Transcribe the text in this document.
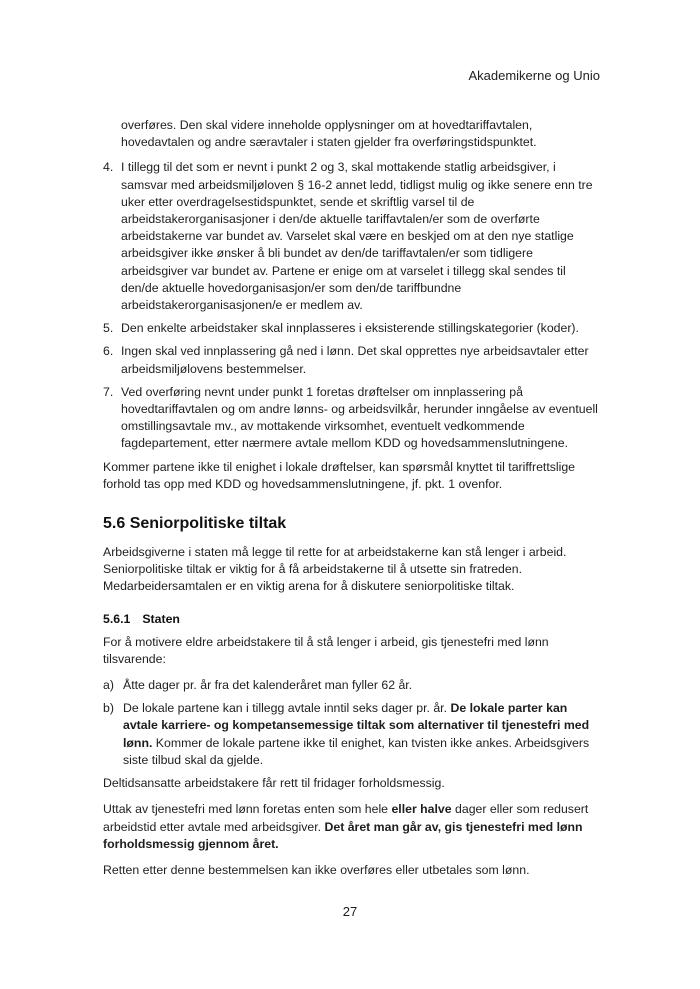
Akademikerne og Unio

overføres. Den skal videre inneholde opplysninger om at hovedtariffavtalen, hovedavtalen og andre særavtaler i staten gjelder fra overføringstidspunktet.

4. I tillegg til det som er nevnt i punkt 2 og 3, skal mottakende statlig arbeidsgiver, i samsvar med arbeidsmiljøloven § 16-2 annet ledd, tidligst mulig og ikke senere enn tre uker etter overdragelsestidspunktet, sende et skriftlig varsel til de arbeidstakerorganisasjoner i den/de aktuelle tariffavtalen/er som de overførte arbeidstakerne var bundet av. Varselet skal være en beskjed om at den nye statlige arbeidsgiver ikke ønsker å bli bundet av den/de tariffavtalen/er som tidligere arbeidsgiver var bundet av. Partene er enige om at varselet i tillegg skal sendes til den/de aktuelle hovedorganisasjon/er som den/de tariffbundne arbeidstakerorganisasjonen/e er medlem av.
5. Den enkelte arbeidstaker skal innplasseres i eksisterende stillingskategorier (koder).
6. Ingen skal ved innplassering gå ned i lønn. Det skal opprettes nye arbeidsavtaler etter arbeidsmiljølovens bestemmelser.
7. Ved overføring nevnt under punkt 1 foretas drøftelser om innplassering på hovedtariffavtalen og om andre lønns- og arbeidsvilkår, herunder inngåelse av eventuell omstillingsavtale mv., av mottakende virksomhet, eventuelt vedkommende fagdepartement, etter nærmere avtale mellom KDD og hovedsammenslutningene.

Kommer partene ikke til enighet i lokale drøftelser, kan spørsmål knyttet til tariffrettslige forhold tas opp med KDD og hovedsammenslutningene, jf. pkt. 1 ovenfor.

5.6 Seniorpolitiske tiltak

Arbeidsgiverne i staten må legge til rette for at arbeidstakerne kan stå lenger i arbeid. Seniorpolitiske tiltak er viktig for å få arbeidstakerne til å utsette sin fratreden. Medarbeidersamtalen er en viktig arena for å diskutere seniorpolitiske tiltak.

5.6.1 Staten

For å motivere eldre arbeidstakere til å stå lenger i arbeid, gis tjenestefri med lønn tilsvarende:

a) Åtte dager pr. år fra det kalenderåret man fyller 62 år.
b) De lokale partene kan i tillegg avtale inntil seks dager pr. år. De lokale parter kan avtale karriere- og kompetansemessige tiltak som alternativer til tjenestefri med lønn. Kommer de lokale partene ikke til enighet, kan tvisten ikke ankes. Arbeidsgivers siste tilbud skal da gjelde.

Deltidsansatte arbeidstakere får rett til fridager forholdsmessig.

Uttak av tjenestefri med lønn foretas enten som hele eller halve dager eller som redusert arbeidstid etter avtale med arbeidsgiver. Det året man går av, gis tjenestefri med lønn forholdsmessig gjennom året.

Retten etter denne bestemmelsen kan ikke overføres eller utbetales som lønn.

27
